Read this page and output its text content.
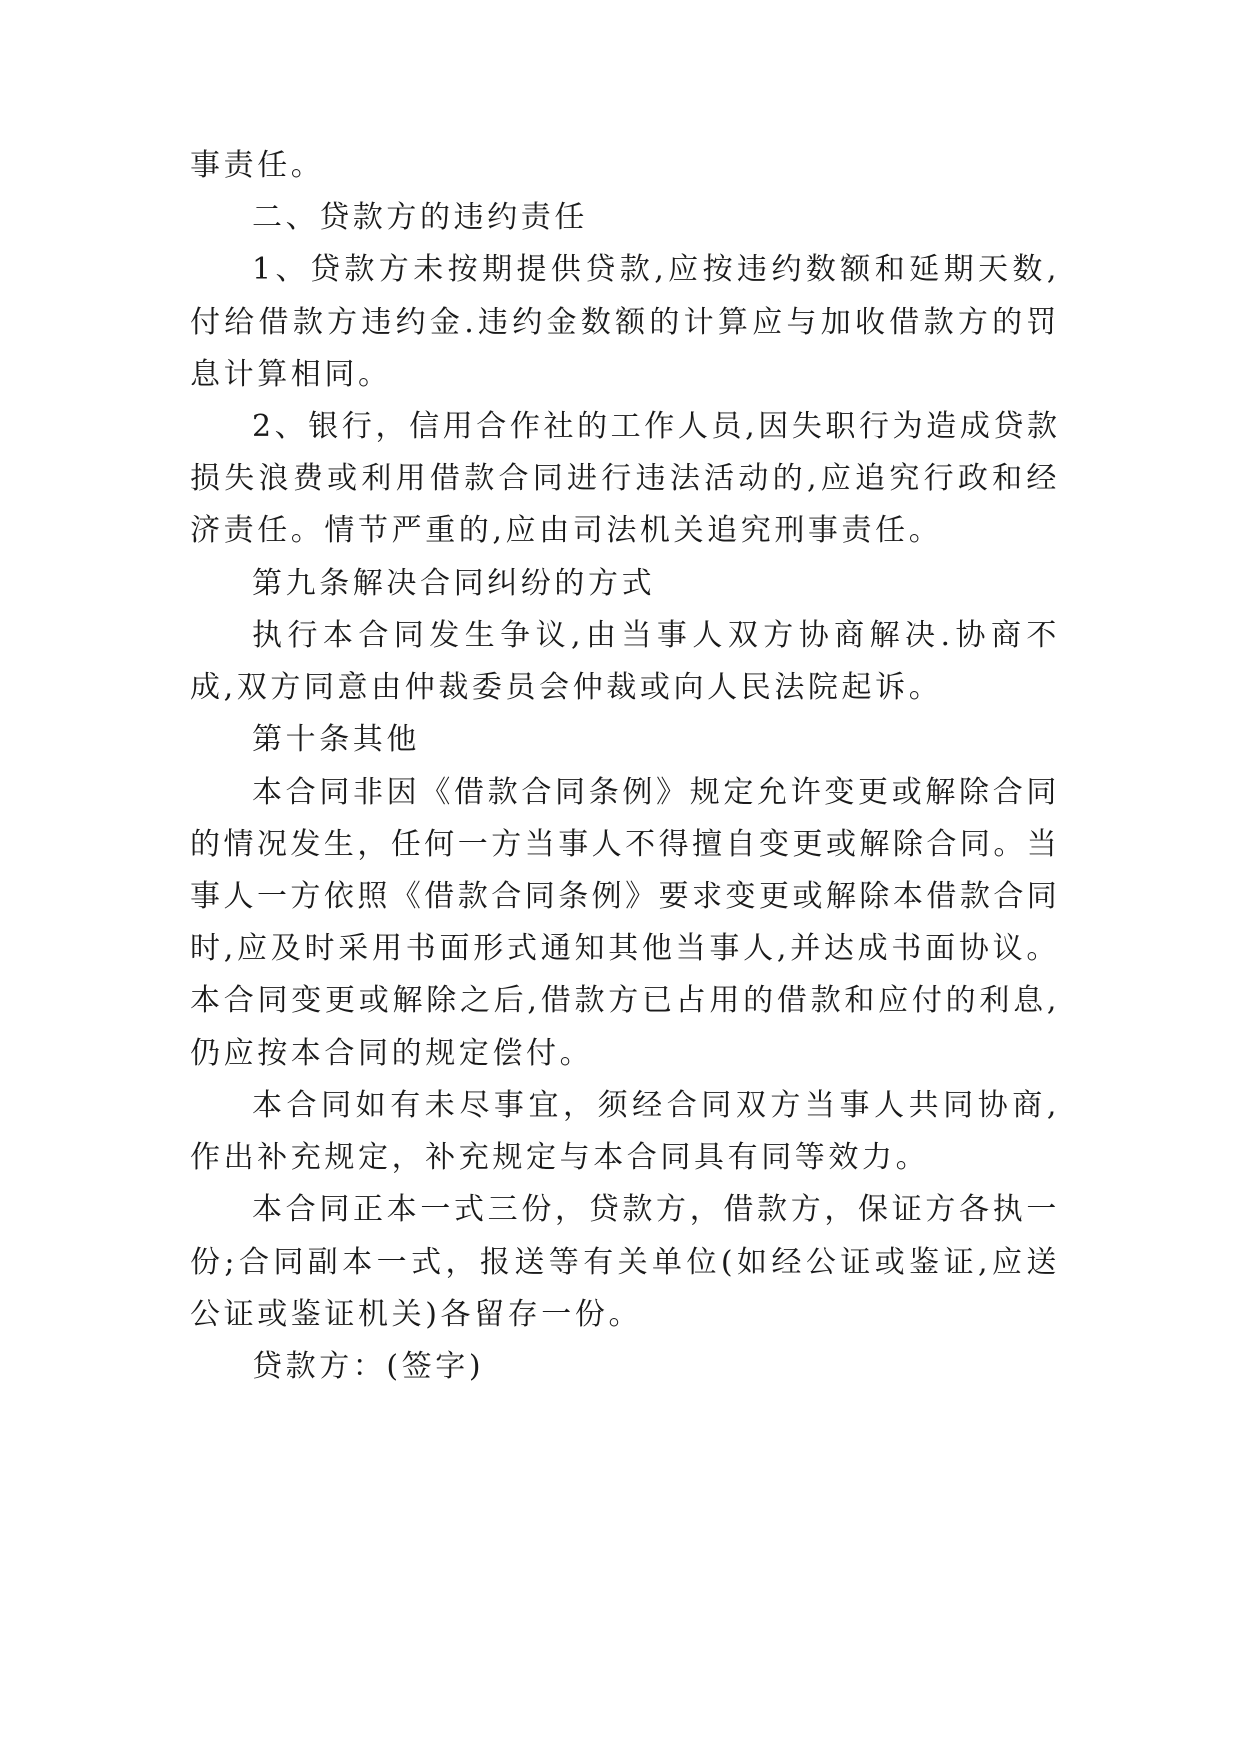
事责任。
二、贷款方的违约责任
1、贷款方未按期提供贷款,应按违约数额和延期天数,
付给借款方违约金.违约金数额的计算应与加收借款方的罚
息计算相同。
2、银行，信用合作社的工作人员,因失职行为造成贷款
损失浪费或利用借款合同进行违法活动的,应追究行政和经
济责任。情节严重的,应由司法机关追究刑事责任。
第九条解决合同纠纷的方式
执行本合同发生争议,由当事人双方协商解决.协商不
成,双方同意由仲裁委员会仲裁或向人民法院起诉。
第十条其他
本合同非因《借款合同条例》规定允许变更或解除合同
的情况发生，任何一方当事人不得擅自变更或解除合同。当
事人一方依照《借款合同条例》要求变更或解除本借款合同
时,应及时采用书面形式通知其他当事人,并达成书面协议。
本合同变更或解除之后,借款方已占用的借款和应付的利息,
仍应按本合同的规定偿付。
本合同如有未尽事宜，须经合同双方当事人共同协商,
作出补充规定，补充规定与本合同具有同等效力。
本合同正本一式三份，贷款方，借款方，保证方各执一
份;合同副本一式，报送等有关单位(如经公证或鉴证,应送
公证或鉴证机关)各留存一份。
贷款方：(签字)
